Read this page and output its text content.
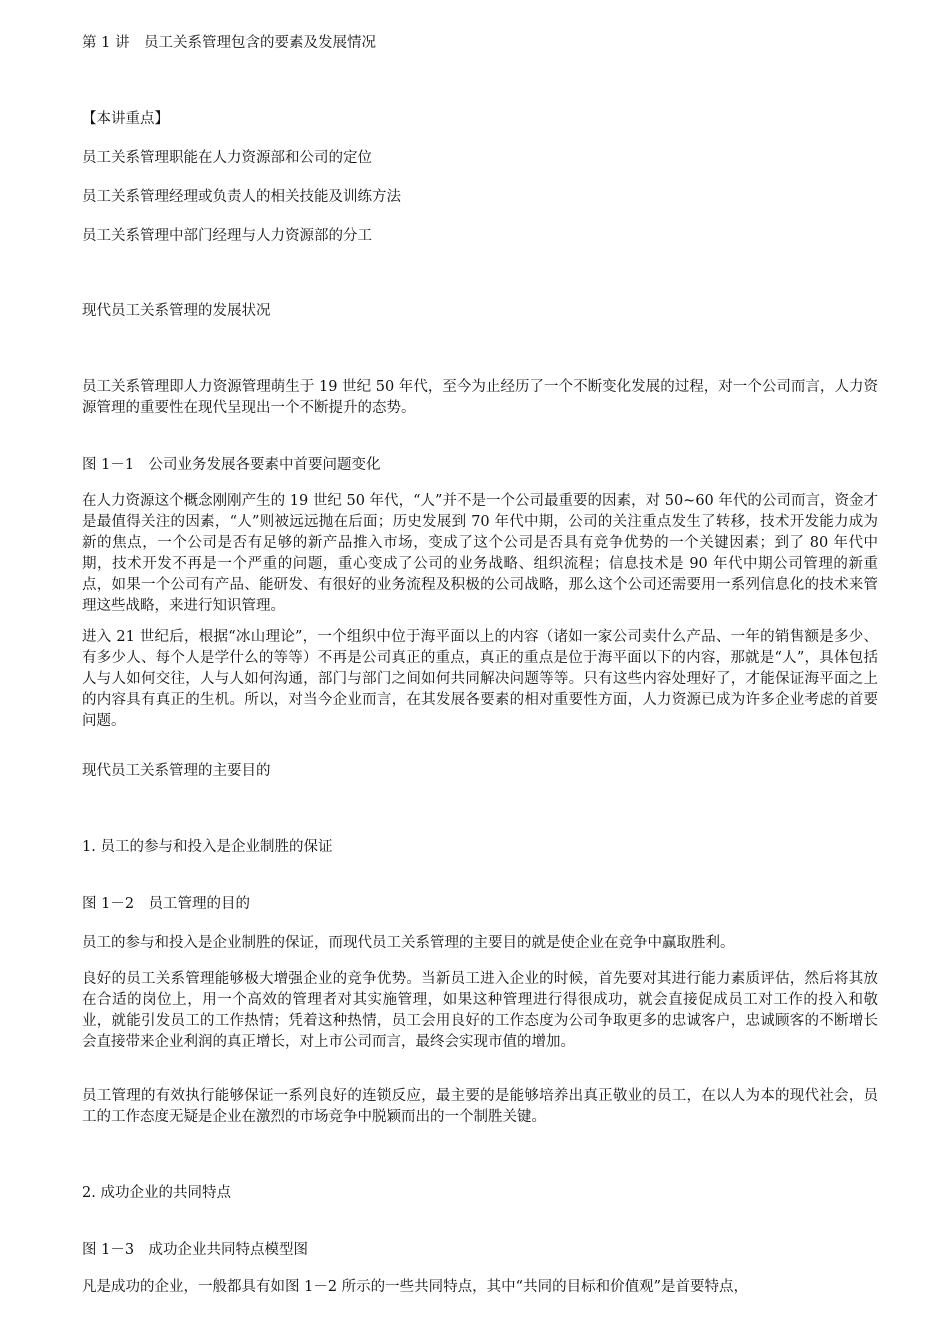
第 1 讲　员工关系管理包含的要素及发展情况

【本讲重点】

员工关系管理职能在人力资源部和公司的定位

员工关系管理经理或负责人的相关技能及训练方法

员工关系管理中部门经理与人力资源部的分工

现代员工关系管理的发展状况

员工关系管理即人力资源管理萌生于 19 世纪 50 年代，至今为止经历了一个不断变化发展的过程，对一个公司而言，人力资源管理的重要性在现代呈现出一个不断提升的态势。

图 1－1　公司业务发展各要素中首要问题变化

在人力资源这个概念刚刚产生的 19 世纪 50 年代，“人”并不是一个公司最重要的因素，对 50~60 年代的公司而言，资金才是最值得关注的因素，“人”则被远远抛在后面；历史发展到 70 年代中期，公司的关注重点发生了转移，技术开发能力成为新的焦点，一个公司是否有足够的新产品推入市场，变成了这个公司是否具有竞争优势的一个关键因素；到了 80 年代中期，技术开发不再是一个严重的问题，重心变成了公司的业务战略、组织流程；信息技术是 90 年代中期公司管理的新重点，如果一个公司有产品、能研发、有很好的业务流程及积极的公司战略，那么这个公司还需要用一系列信息化的技术来管理这些战略，来进行知识管理。

进入 21 世纪后，根据“冰山理论”，一个组织中位于海平面以上的内容（诸如一家公司卖什么产品、一年的销售额是多少、有多少人、每个人是学什么的等等）不再是公司真正的重点，真正的重点是位于海平面以下的内容，那就是“人”，具体包括人与人如何交往，人与人如何沟通，部门与部门之间如何共同解决问题等等。只有这些内容处理好了，才能保证海平面之上的内容具有真正的生机。所以，对当今企业而言，在其发展各要素的相对重要性方面，人力资源已成为许多企业考虑的首要问题。

现代员工关系管理的主要目的

1. 员工的参与和投入是企业制胜的保证

图 1－2　员工管理的目的

员工的参与和投入是企业制胜的保证，而现代员工关系管理的主要目的就是使企业在竞争中赢取胜利。

良好的员工关系管理能够极大增强企业的竞争优势。当新员工进入企业的时候，首先要对其进行能力素质评估，然后将其放在合适的岗位上，用一个高效的管理者对其实施管理，如果这种管理进行得很成功，就会直接促成员工对工作的投入和敬业，就能引发员工的工作热情；凭着这种热情，员工会用良好的工作态度为公司争取更多的忠诚客户，忠诚顾客的不断增长会直接带来企业利润的真正增长，对上市公司而言，最终会实现市值的增加。

员工管理的有效执行能够保证一系列良好的连锁反应，最主要的是能够培养出真正敬业的员工，在以人为本的现代社会，员工的工作态度无疑是企业在激烈的市场竞争中脱颖而出的一个制胜关键。

2. 成功企业的共同特点

图 1－3　成功企业共同特点模型图

凡是成功的企业，一般都具有如图 1－2 所示的一些共同特点，其中“共同的目标和价值观”是首要特点，
